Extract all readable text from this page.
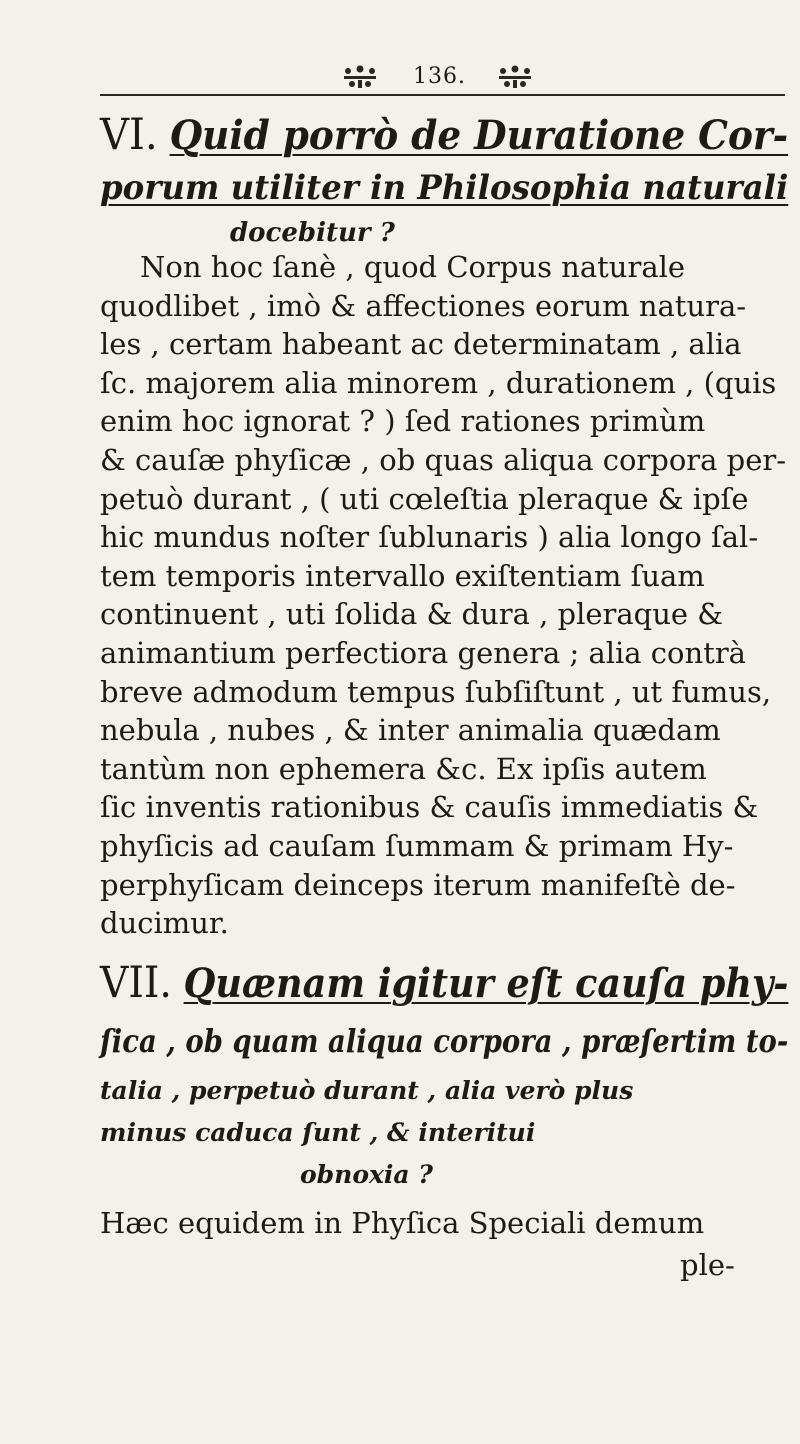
136.
VI. Quid porrò de Duratione Cor-
porum utiliter in Philosophia naturali
docebitur ?
Non hoc ſanè , quod Corpus naturale
quodlibet , imò & affectiones eorum natura-
les , certam habeant ac determinatam , alia
ſc. majorem alia minorem , durationem , (quis
enim hoc ignorat ? ) ſed rationes primùm
& cauſæ phyſicæ , ob quas aliqua corpora per-
petuò durant , ( uti cœleſtia pleraque & ipſe
hic mundus noſter ſublunaris ) alia longo ſal-
tem temporis intervallo exiſtentiam ſuam
continuent , uti ſolida & dura , pleraque &
animantium perfectiora genera ; alia contrà
breve admodum tempus ſubſiſtunt , ut fumus,
nebula , nubes , & inter animalia quædam
tantùm non ephemera &c. Ex ipſis autem
ſic inventis rationibus & cauſis immediatis &
phyſicis ad cauſam ſummam & primam Hy-
perphyſicam deinceps iterum manifeſtè de-
ducimur.
VII. Quænam igitur eſt cauſa phy-
ſica , ob quam aliqua corpora , præſertim to-
talia , perpetuò durant , alia verò plus
minus caduca ſunt , & interitui
obnoxia ?
Hæc equidem in Phyſica Speciali demum
ple-
